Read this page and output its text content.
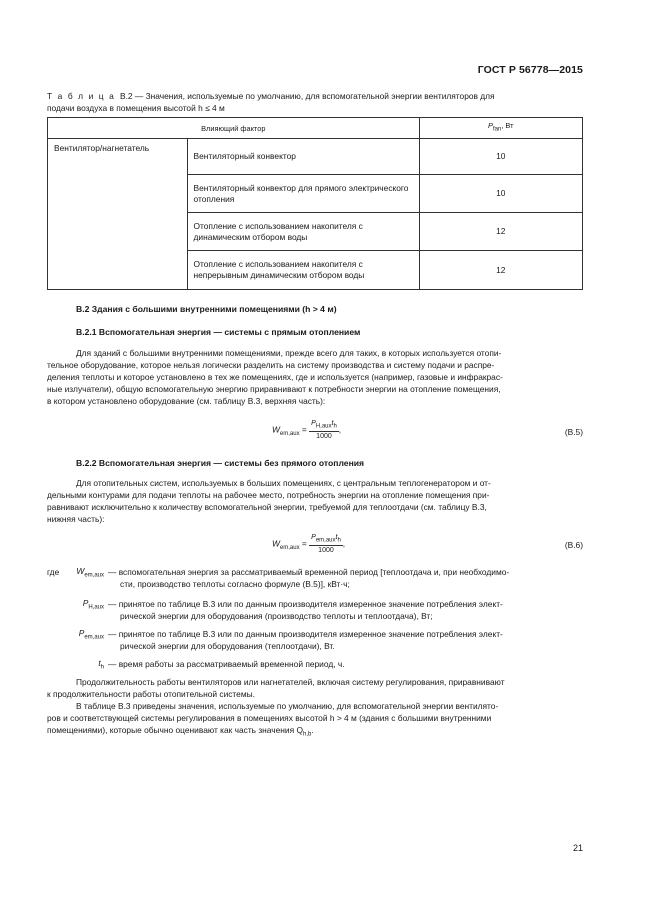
ГОСТ Р 56778—2015
Т а б л и ц а В.2 — Значения, используемые по умолчанию, для вспомогательной энергии вентиляторов для
подачи воздуха в помещения высотой h ≤ 4 м
Влияющий фактор		$P_{fan}$, Вт
Вентилятор/нагнетатель	Вентиляторный конвектор	10
	Вентиляторный конвектор для прямого электрического отопления	10
	Отопление с использованием накопителя с динамическим отбором воды	12
	Отопление с использованием накопителя с непрерывным динамическим отбором воды	12
В.2 Здания с большими внутренними помещениями (h > 4 м)
В.2.1 Вспомогательная энергия — системы с прямым отоплением
Для зданий с большими внутренними помещениями, прежде всего для таких, в которых используется отопи-
тельное оборудование, которое нельзя логически разделить на систему производства и систему подачи и распре-
деления теплоты и которое установлено в тех же помещениях, где и используется (например, газовые и инфракрас-
ные излучатели), общую вспомогательную энергию приравнивают к потребности энергии на отопление помещения,
в котором установлено оборудование (см. таблицу В.3, верхняя часть):
$W_{em,aux} = \frac{P_{H,aux}t_h}{1000}$ ,	(В.5)
В.2.2 Вспомогательная энергия — системы без прямого отопления
Для отопительных систем, используемых в больших помещениях, с центральным теплогенератором и от-
дельными контурами для подачи теплоты на рабочее место, потребность энергии на отопление помещения при-
равнивают исключительно к количеству вспомогательной энергии, требуемой для теплоотдачи (см. таблицу В.3,
нижняя часть):
$W_{em,aux} = \frac{P_{em,aux}t_h}{1000}$ ,	(В.6)
где	$W_{em,aux}$ — вспомогательная энергия за рассматриваемый временной период [теплоотдача и, при необходимо-
сти, производство теплоты согласно формуле (В.5)], кВт·ч;
$P_{H,aux}$ — принятое по таблице В.3 или по данным производителя измеренное значение потребления элект-
рической энергии для оборудования (производство теплоты и теплоотдача), Вт;
$P_{em,aux}$ — принятое по таблице В.3 или по данным производителя измеренное значение потребления элект-
рической энергии для оборудования (теплоотдачи), Вт.
$t_h$ — время работы за рассматриваемый временной период, ч.
Продолжительность работы вентиляторов или нагнетателей, включая систему регулирования, приравнивают
к продолжительности работы отопительной системы.
В таблице В.3 приведены значения, используемые по умолчанию, для вспомогательной энергии вентилято-
ров и соответствующей системы регулирования в помещениях высотой h > 4 м (здания с большими внутренними
помещениями), которые обычно оценивают как часть значения $Q_{h,b}$.
21
